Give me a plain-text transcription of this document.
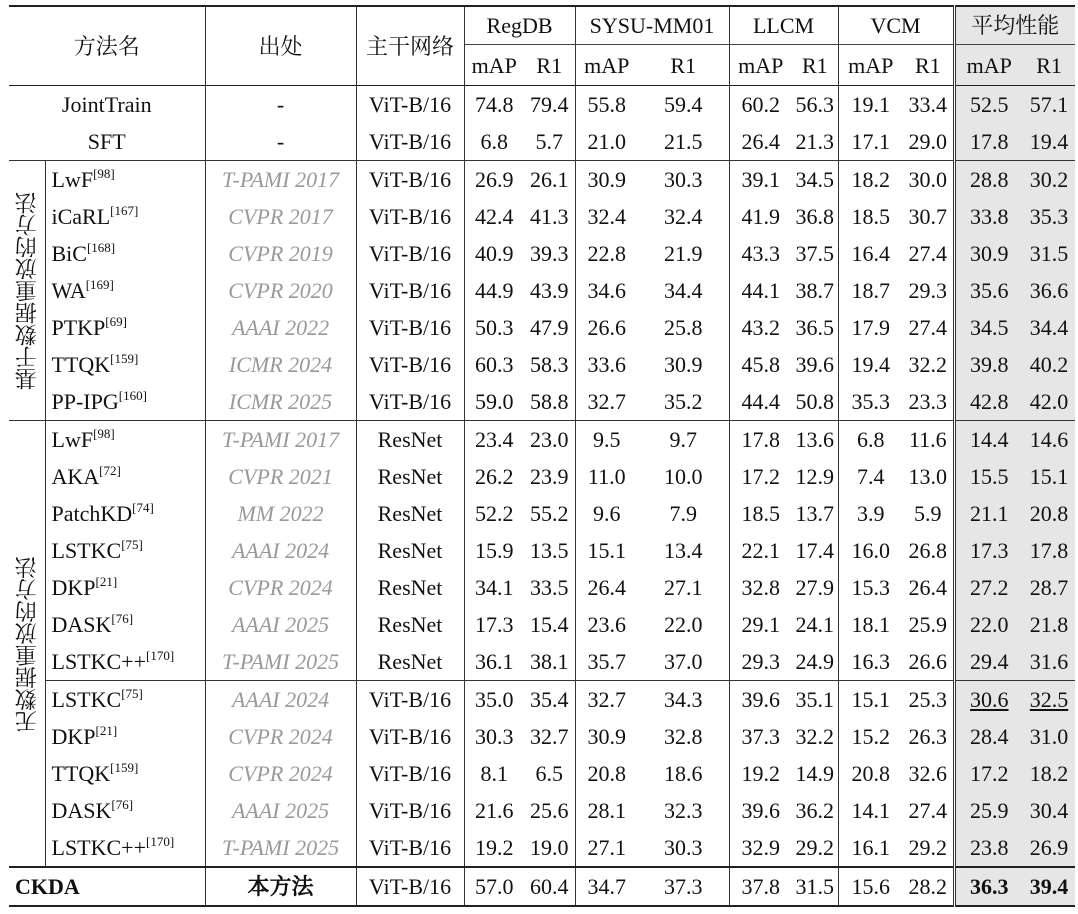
方法名		出处	主干网络	RegDB		SYSU-MM01		LLCM		VCM		平均性能	
				mAP	R1	mAP	R1	mAP	R1	mAP	R1	mAP	R1
JointTrain		-	ViT-B/16	74.8	79.4	55.8	59.4	60.2	56.3	19.1	33.4	52.5	57.1
SFT		-	ViT-B/16	6.8	5.7	21.0	21.5	26.4	21.3	17.1	29.0	17.8	19.4
基于数据重放的方法	LwF[98]	T-PAMI 2017	ViT-B/16	26.9	26.1	30.9	30.3	39.1	34.5	18.2	30.0	28.8	30.2
	iCaRL[167]	CVPR 2017	ViT-B/16	42.4	41.3	32.4	32.4	41.9	36.8	18.5	30.7	33.8	35.3
	BiC[168]	CVPR 2019	ViT-B/16	40.9	39.3	22.8	21.9	43.3	37.5	16.4	27.4	30.9	31.5
	WA[169]	CVPR 2020	ViT-B/16	44.9	43.9	34.6	34.4	44.1	38.7	18.7	29.3	35.6	36.6
	PTKP[69]	AAAI 2022	ViT-B/16	50.3	47.9	26.6	25.8	43.2	36.5	17.9	27.4	34.5	34.4
	TTQK[159]	ICMR 2024	ViT-B/16	60.3	58.3	33.6	30.9	45.8	39.6	19.4	32.2	39.8	40.2
	PP-IPG[160]	ICMR 2025	ViT-B/16	59.0	58.8	32.7	35.2	44.4	50.8	35.3	23.3	42.8	42.0
无数据重放的方法	LwF[98]	T-PAMI 2017	ResNet	23.4	23.0	9.5	9.7	17.8	13.6	6.8	11.6	14.4	14.6
	AKA[72]	CVPR 2021	ResNet	26.2	23.9	11.0	10.0	17.2	12.9	7.4	13.0	15.5	15.1
	PatchKD[74]	MM 2022	ResNet	52.2	55.2	9.6	7.9	18.5	13.7	3.9	5.9	21.1	20.8
	LSTKC[75]	AAAI 2024	ResNet	15.9	13.5	15.1	13.4	22.1	17.4	16.0	26.8	17.3	17.8
	DKP[21]	CVPR 2024	ResNet	34.1	33.5	26.4	27.1	32.8	27.9	15.3	26.4	27.2	28.7
	DASK[76]	AAAI 2025	ResNet	17.3	15.4	23.6	22.0	29.1	24.1	18.1	25.9	22.0	21.8
	LSTKC++[170]	T-PAMI 2025	ResNet	36.1	38.1	35.7	37.0	29.3	24.9	16.3	26.6	29.4	31.6
	LSTKC[75]	AAAI 2024	ViT-B/16	35.0	35.4	32.7	34.3	39.6	35.1	15.1	25.3	30.6	32.5
	DKP[21]	CVPR 2024	ViT-B/16	30.3	32.7	30.9	32.8	37.3	32.2	15.2	26.3	28.4	31.0
	TTQK[159]	CVPR 2024	ViT-B/16	8.1	6.5	20.8	18.6	19.2	14.9	20.8	32.6	17.2	18.2
	DASK[76]	AAAI 2025	ViT-B/16	21.6	25.6	28.1	32.3	39.6	36.2	14.1	27.4	25.9	30.4
	LSTKC++[170]	T-PAMI 2025	ViT-B/16	19.2	19.0	27.1	30.3	32.9	29.2	16.1	29.2	23.8	26.9
CKDA		本方法	ViT-B/16	57.0	60.4	34.7	37.3	37.8	31.5	15.6	28.2	36.3	39.4
